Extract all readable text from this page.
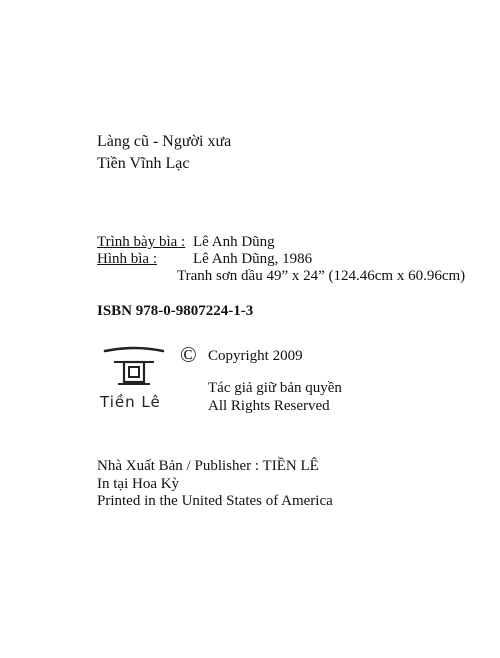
Làng cũ - Người xưa
Tiền Vĩnh Lạc
Trình bày bìa : Lê Anh Dũng
Hình bìa : Lê Anh Dũng, 1986
Tranh sơn dầu 49” x 24” (124.46cm x 60.96cm)
ISBN 978-0-9807224-1-3
Tiền Lê
© Copyright 2009
Tác giả giữ bản quyền
All Rights Reserved
Nhà Xuất Bản / Publisher : TIỀN LÊ
In tại Hoa Kỳ
Printed in the United States of America
